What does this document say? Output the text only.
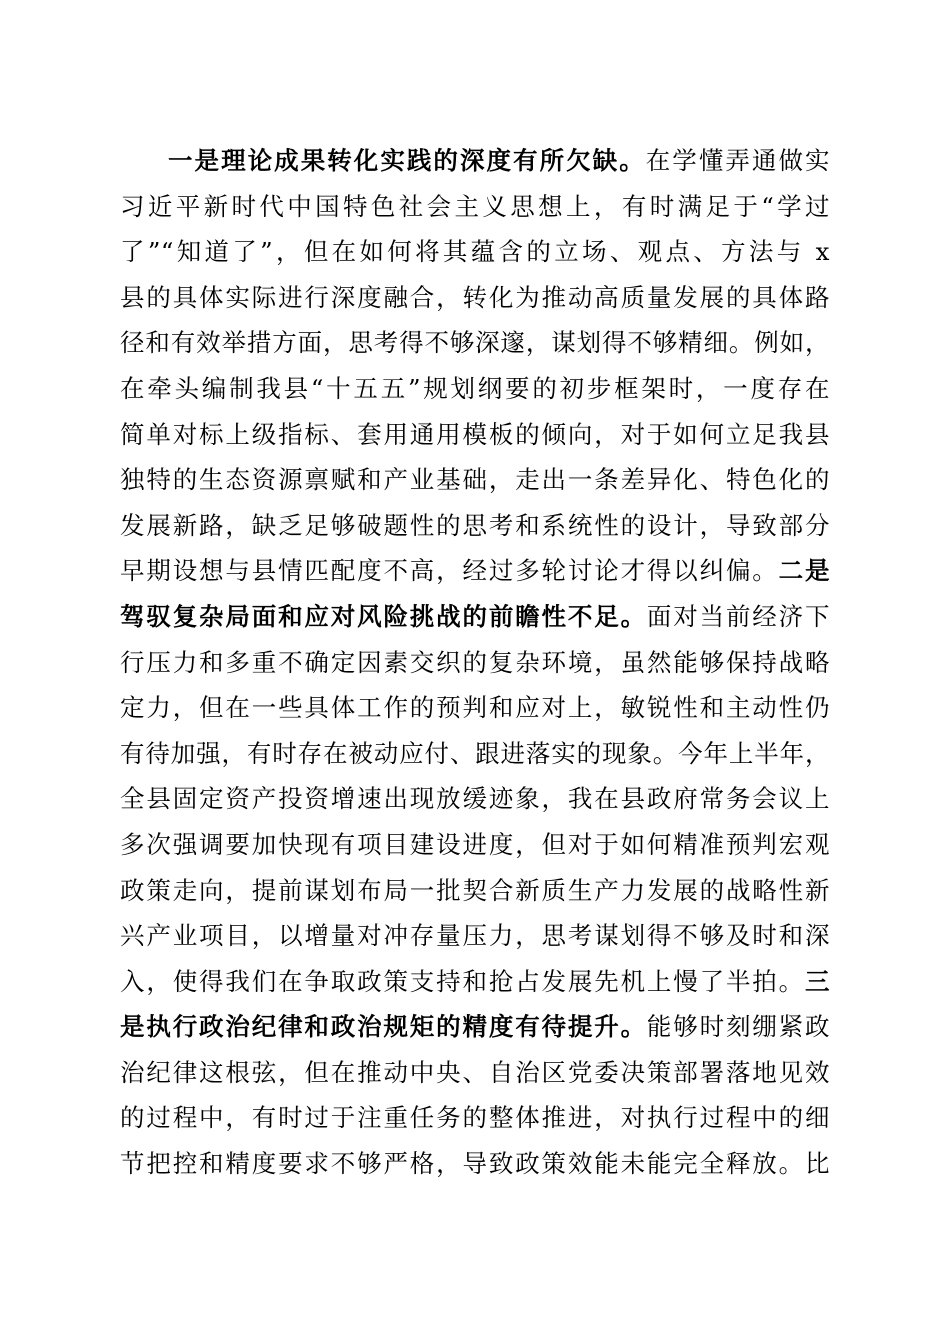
一是理论成果转化实践的深度有所欠缺。在学懂弄通做实
习近平新时代中国特色社会主义思想上，有时满足于“学过
了”“知道了”，但在如何将其蕴含的立场、观点、方法与 x
县的具体实际进行深度融合，转化为推动高质量发展的具体路
径和有效举措方面，思考得不够深邃，谋划得不够精细。例如，
在牵头编制我县“十五五”规划纲要的初步框架时，一度存在
简单对标上级指标、套用通用模板的倾向，对于如何立足我县
独特的生态资源禀赋和产业基础，走出一条差异化、特色化的
发展新路，缺乏足够破题性的思考和系统性的设计，导致部分
早期设想与县情匹配度不高，经过多轮讨论才得以纠偏。二是
驾驭复杂局面和应对风险挑战的前瞻性不足。面对当前经济下
行压力和多重不确定因素交织的复杂环境，虽然能够保持战略
定力，但在一些具体工作的预判和应对上，敏锐性和主动性仍
有待加强，有时存在被动应付、跟进落实的现象。今年上半年，
全县固定资产投资增速出现放缓迹象，我在县政府常务会议上
多次强调要加快现有项目建设进度，但对于如何精准预判宏观
政策走向，提前谋划布局一批契合新质生产力发展的战略性新
兴产业项目，以增量对冲存量压力，思考谋划得不够及时和深
入，使得我们在争取政策支持和抢占发展先机上慢了半拍。三
是执行政治纪律和政治规矩的精度有待提升。能够时刻绷紧政
治纪律这根弦，但在推动中央、自治区党委决策部署落地见效
的过程中，有时过于注重任务的整体推进，对执行过程中的细
节把控和精度要求不够严格，导致政策效能未能完全释放。比
